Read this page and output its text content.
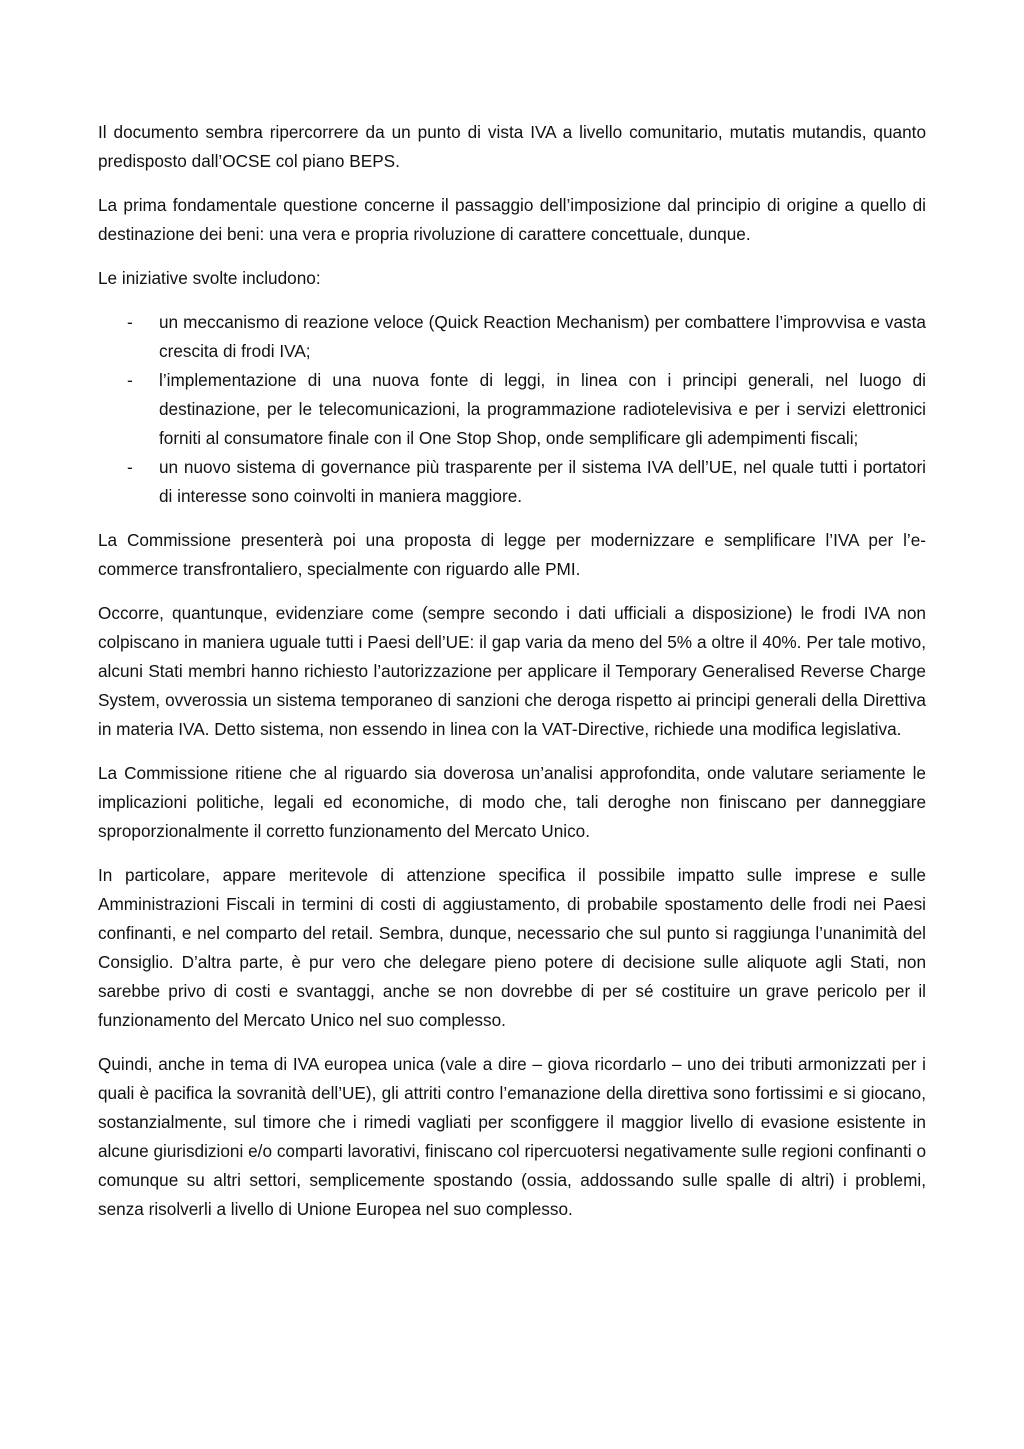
Il documento sembra ripercorrere da un punto di vista IVA a livello comunitario, mutatis mutandis, quanto predisposto dall’OCSE col piano BEPS.

La prima fondamentale questione concerne il passaggio dell’imposizione dal principio di origine a quello di destinazione dei beni: una vera e propria rivoluzione di carattere concettuale, dunque.

Le iniziative svolte includono:

- un meccanismo di reazione veloce (Quick Reaction Mechanism) per combattere l’improvvisa e vasta crescita di frodi IVA;
- l’implementazione di una nuova fonte di leggi, in linea con i principi generali, nel luogo di destinazione, per le telecomunicazioni, la programmazione radiotelevisiva e per i servizi elettronici forniti al consumatore finale con il One Stop Shop, onde semplificare gli adempimenti fiscali;
- un nuovo sistema di governance più trasparente per il sistema IVA dell’UE, nel quale tutti i portatori di interesse sono coinvolti in maniera maggiore.

La Commissione presenterà poi una proposta di legge per modernizzare e semplificare l’IVA per l’e-commerce transfrontaliero, specialmente con riguardo alle PMI.

Occorre, quantunque, evidenziare come (sempre secondo i dati ufficiali a disposizione) le frodi IVA non colpiscano in maniera uguale tutti i Paesi dell’UE: il gap varia da meno del 5% a oltre il 40%. Per tale motivo, alcuni Stati membri hanno richiesto l’autorizzazione per applicare il Temporary Generalised Reverse Charge System, ovverossia un sistema temporaneo di sanzioni che deroga rispetto ai principi generali della Direttiva in materia IVA. Detto sistema, non essendo in linea con la VAT-Directive, richiede una modifica legislativa.

La Commissione ritiene che al riguardo sia doverosa un’analisi approfondita, onde valutare seriamente le implicazioni politiche, legali ed economiche, di modo che, tali deroghe non finiscano per danneggiare sproporzionalmente il corretto funzionamento del Mercato Unico.

In particolare, appare meritevole di attenzione specifica il possibile impatto sulle imprese e sulle Amministrazioni Fiscali in termini di costi di aggiustamento, di probabile spostamento delle frodi nei Paesi confinanti, e nel comparto del retail. Sembra, dunque, necessario che sul punto si raggiunga l’unanimità del Consiglio. D’altra parte, è pur vero che delegare pieno potere di decisione sulle aliquote agli Stati, non sarebbe privo di costi e svantaggi, anche se non dovrebbe di per sé costituire un grave pericolo per il funzionamento del Mercato Unico nel suo complesso.

Quindi, anche in tema di IVA europea unica (vale a dire – giova ricordarlo – uno dei tributi armonizzati per i quali è pacifica la sovranità dell’UE), gli attriti contro l’emanazione della direttiva sono fortissimi e si giocano, sostanzialmente, sul timore che i rimedi vagliati per sconfiggere il maggior livello di evasione esistente in alcune giurisdizioni e/o comparti lavorativi, finiscano col ripercuotersi negativamente sulle regioni confinanti o comunque su altri settori, semplicemente spostando (ossia, addossando sulle spalle di altri) i problemi, senza risolverli a livello di Unione Europea nel suo complesso.
